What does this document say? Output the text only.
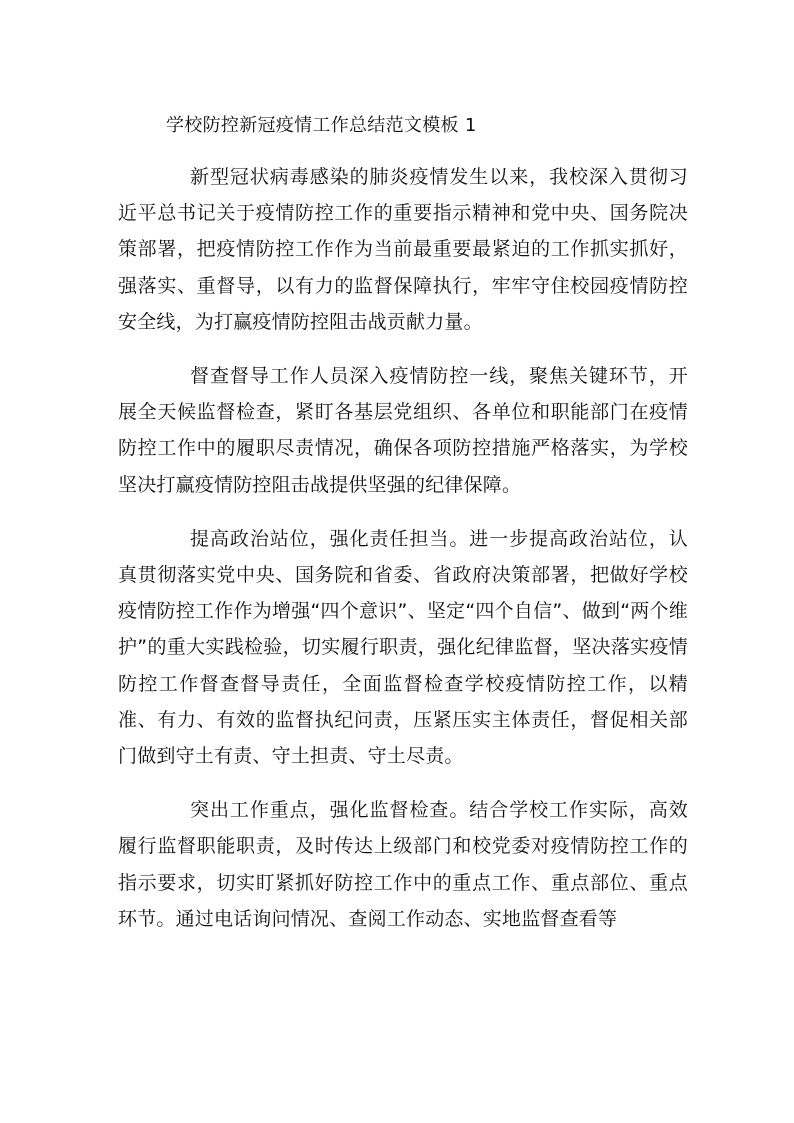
学校防控新冠疫情工作总结范文模板 1

新型冠状病毒感染的肺炎疫情发生以来，我校深入贯彻习近平总书记关于疫情防控工作的重要指示精神和党中央、国务院决策部署，把疫情防控工作作为当前最重要最紧迫的工作抓实抓好，强落实、重督导，以有力的监督保障执行，牢牢守住校园疫情防控安全线，为打赢疫情防控阻击战贡献力量。

督查督导工作人员深入疫情防控一线，聚焦关键环节，开展全天候监督检查，紧盯各基层党组织、各单位和职能部门在疫情防控工作中的履职尽责情况，确保各项防控措施严格落实，为学校坚决打赢疫情防控阻击战提供坚强的纪律保障。

提高政治站位，强化责任担当。进一步提高政治站位，认真贯彻落实党中央、国务院和省委、省政府决策部署，把做好学校疫情防控工作作为增强“四个意识”、坚定“四个自信”、做到“两个维护”的重大实践检验，切实履行职责，强化纪律监督，坚决落实疫情防控工作督查督导责任，全面监督检查学校疫情防控工作，以精准、有力、有效的监督执纪问责，压紧压实主体责任，督促相关部门做到守土有责、守土担责、守土尽责。

突出工作重点，强化监督检查。结合学校工作实际，高效履行监督职能职责，及时传达上级部门和校党委对疫情防控工作的指示要求，切实盯紧抓好防控工作中的重点工作、重点部位、重点环节。通过电话询问情况、查阅工作动态、实地监督查看等
